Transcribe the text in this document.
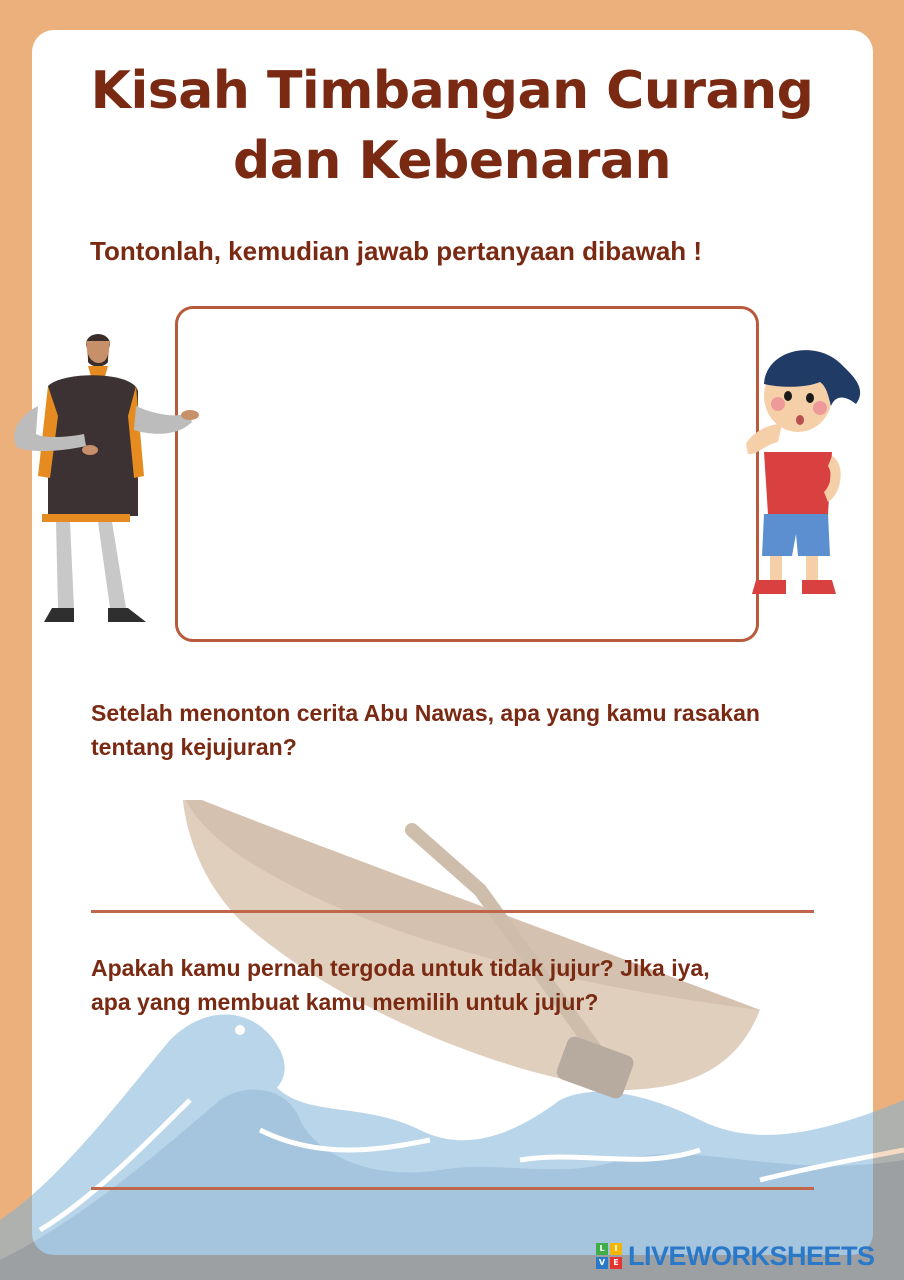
Kisah Timbangan Curang
dan Kebenaran
Tontonlah, kemudian jawab pertanyaan dibawah !
Setelah menonton cerita Abu Nawas, apa yang kamu rasakan
tentang kejujuran?
Apakah kamu pernah tergoda untuk tidak jujur? Jika iya,
apa yang membuat kamu memilih untuk jujur?
L	I
V	E LIVEWORKSHEETS
